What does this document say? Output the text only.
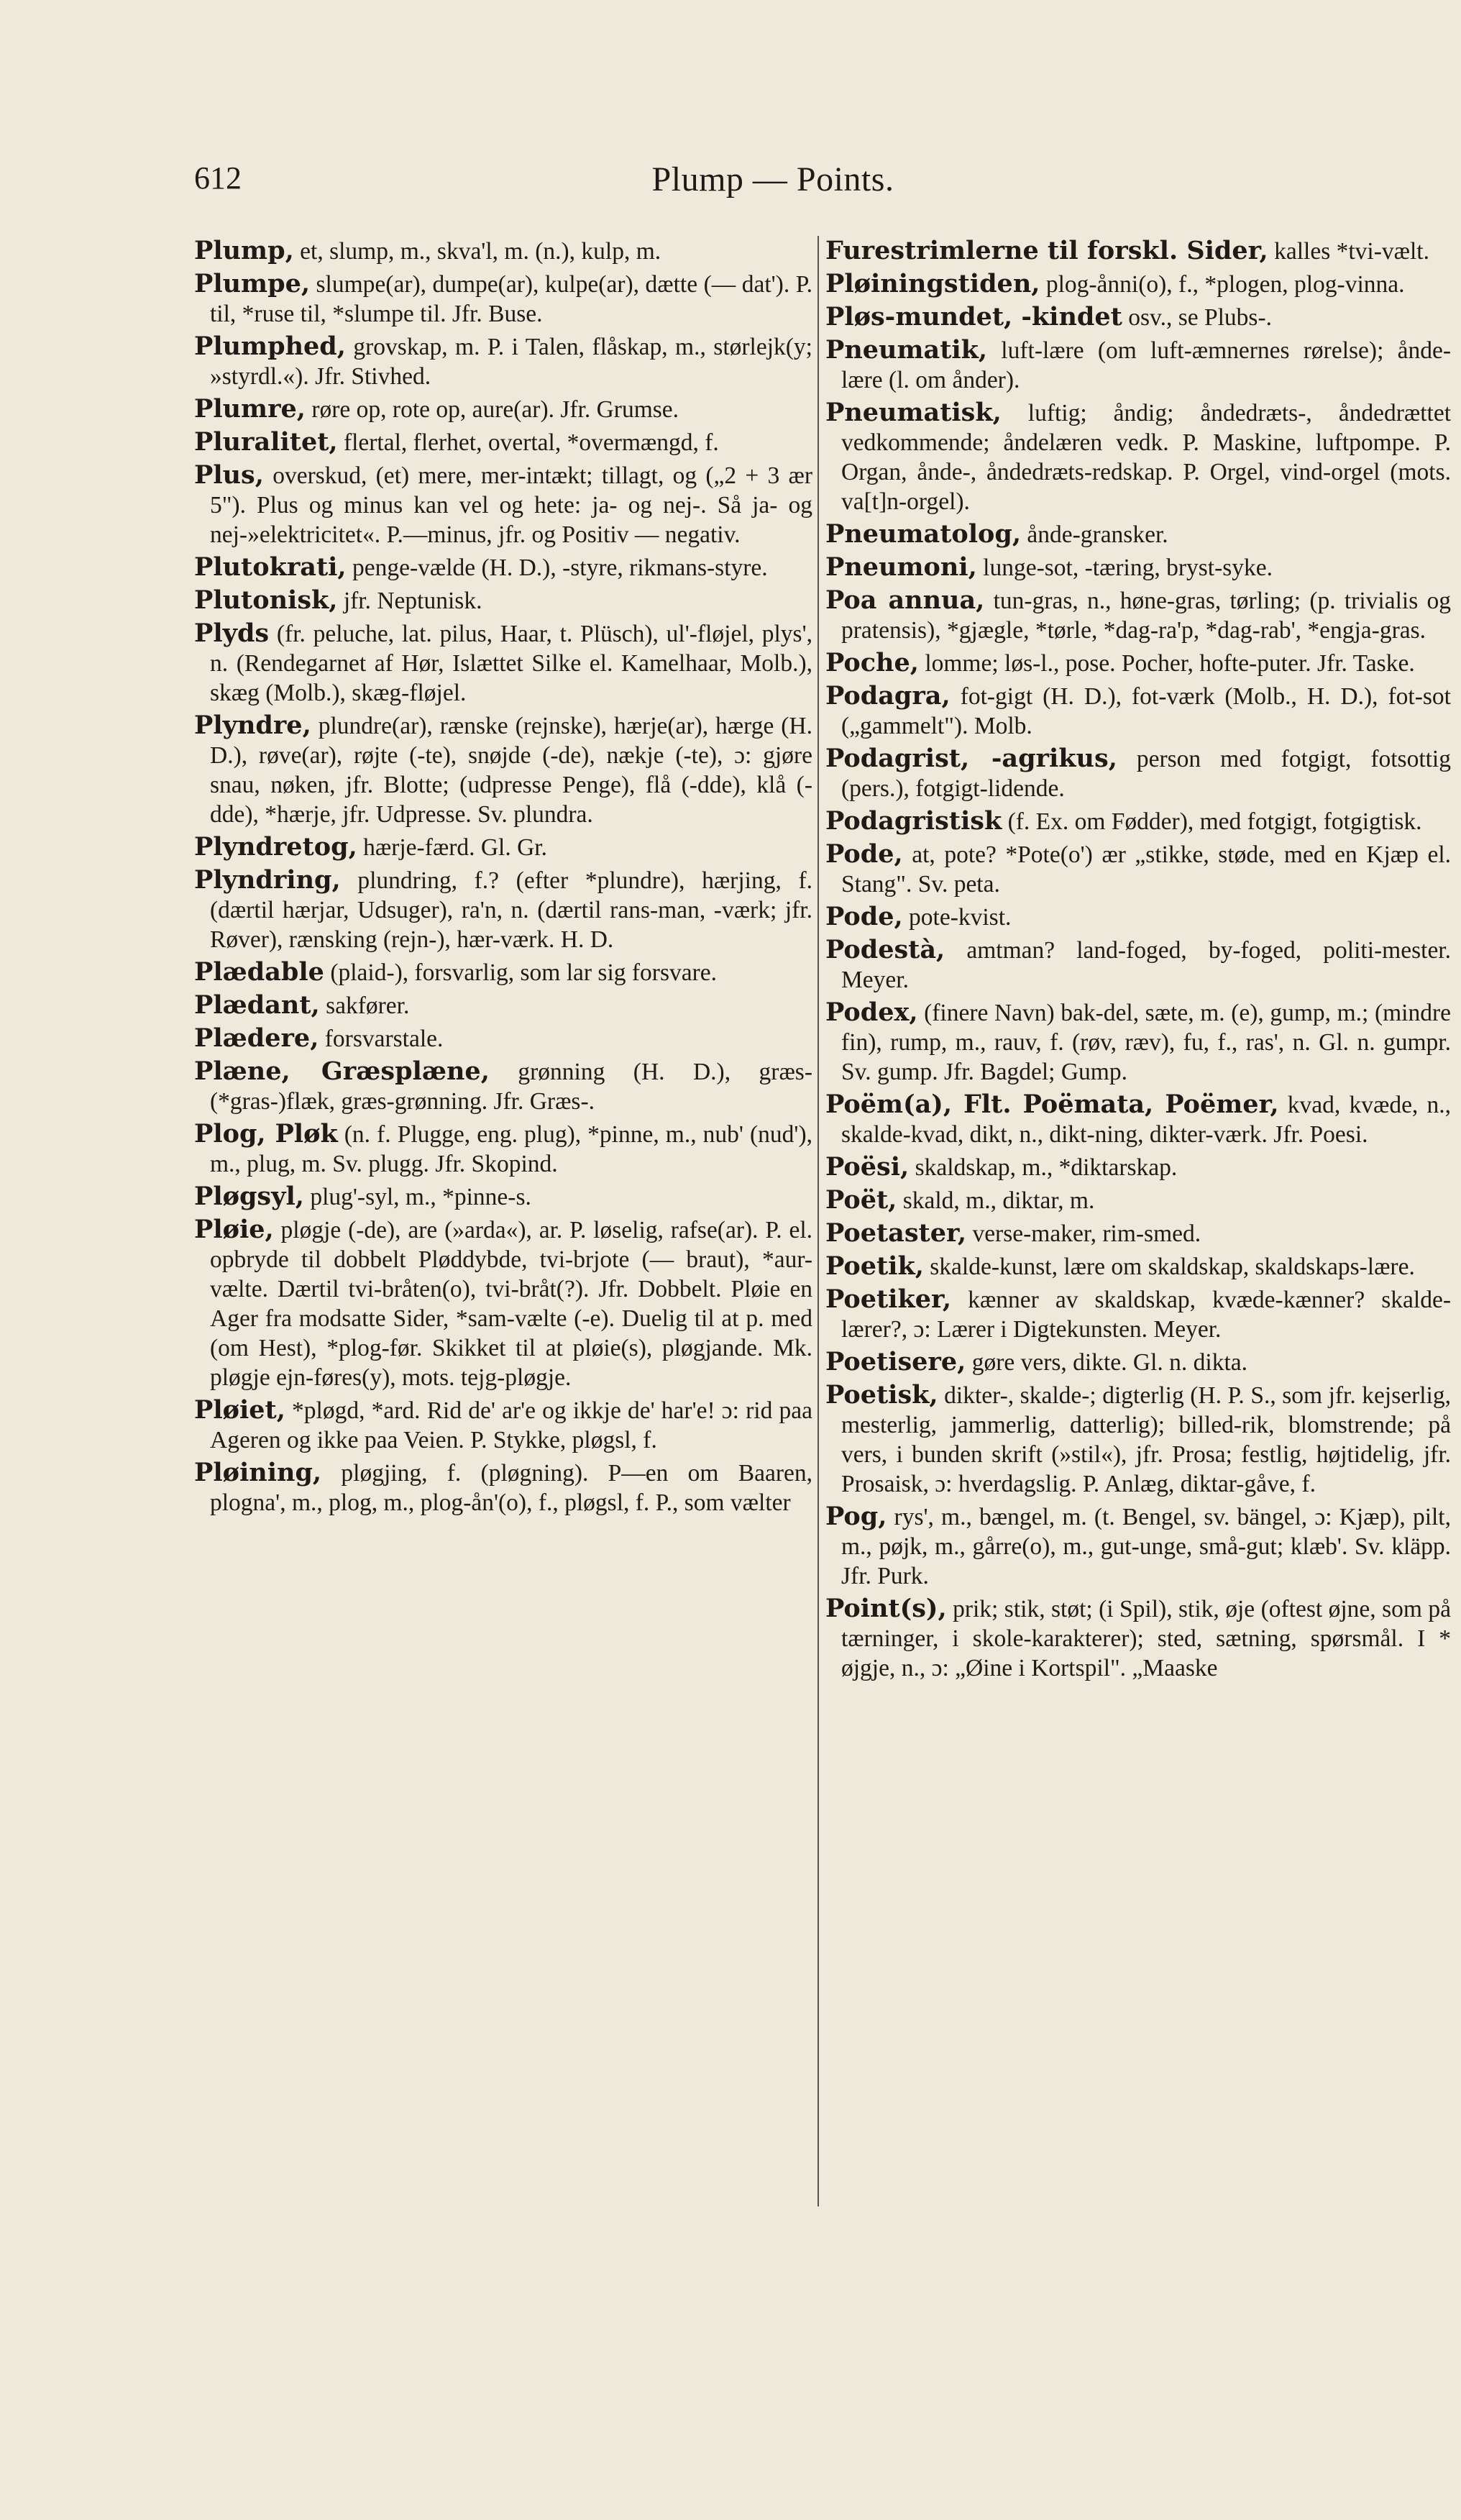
612	Plump — Points.

Plump, et, slump, m., skva'l, m. (n.), kulp, m.

Plumpe, slumpe(ar), dumpe(ar), kulpe(ar), dætte (— dat'). P. til, *ruse til, *slumpe til. Jfr. Buse.

Plumphed, grovskap, m. P. i Talen, flåskap, m., størlejk(y; »styrdl.«). Jfr. Stivhed.

Plumre, røre op, rote op, aure(ar). Jfr. Grumse.

Pluralitet, flertal, flerhet, overtal, *overmængd, f.

Plus, overskud, (et) mere, mer-intækt; tillagt, og („2 + 3 ær 5"). Plus og minus kan vel og hete: ja- og nej-. Så ja- og nej-»elektricitet«. P.—minus, jfr. og Positiv — negativ.

Plutokrati, penge-vælde (H. D.), -styre, rikmans-styre.

Plutonisk, jfr. Neptunisk.

Plyds (fr. peluche, lat. pilus, Haar, t. Plüsch), ul'-fløjel, plys', n. (Rendegarnet af Hør, Islættet Silke el. Kamelhaar, Molb.), skæg (Molb.), skæg-fløjel.

Plyndre, plundre(ar), rænske (rejnske), hærje(ar), hærge (H. D.), røve(ar), røjte (-te), snøjde (-de), nækje (-te), ɔ: gjøre snau, nøken, jfr. Blotte; (udpresse Penge), flå (-dde), klå (-dde), *hærje, jfr. Udpresse. Sv. plundra.

Plyndretog, hærje-færd. Gl. Gr.

Plyndring, plundring, f.? (efter *plundre), hærjing, f. (dærtil hærjar, Udsuger), ra'n, n. (dærtil rans-man, -værk; jfr. Røver), rænsking (rejn-), hær-værk. H. D.

Plædable (plaid-), forsvarlig, som lar sig forsvare.

Plædant, sakfører.

Plædere, forsvarstale.

Plæne, Græsplæne, grønning (H. D.), græs- (*gras-)flæk, græs-grønning. Jfr. Græs-.

Plog, Pløk (n. f. Plugge, eng. plug), *pinne, m., nub' (nud'), m., plug, m. Sv. plugg. Jfr. Skopind.

Pløgsyl, plug'-syl, m., *pinne-s.

Pløie, pløgje (-de), are (»arda«), ar. P. løselig, rafse(ar). P. el. opbryde til dobbelt Pløddybde, tvi-brjote (— braut), *aur-vælte. Dærtil tvi-bråten(o), tvi-bråt(?). Jfr. Dobbelt. Pløie en Ager fra modsatte Sider, *sam-vælte (-e). Duelig til at p. med (om Hest), *plog-før. Skikket til at pløie(s), pløgjande. Mk. pløgje ejn-føres(y), mots. tejg-pløgje.

Pløiet, *pløgd, *ard. Rid de' ar'e og ikkje de' har'e! ɔ: rid paa Ageren og ikke paa Veien. P. Stykke, pløgsl, f.

Pløining, pløgjing, f. (pløgning). P—en om Baaren, plogna', m., plog, m., plog-ån'(o), f., pløgsl, f. P., som vælter

Furestrimlerne til forskl. Sider, kalles *tvi-vælt.

Pløiningstiden, plog-ånni(o), f., *plogen, plog-vinna.

Pløs-mundet, -kindet osv., se Plubs-.

Pneumatik, luft-lære (om luft-æmnernes rørelse); ånde-lære (l. om ånder).

Pneumatisk, luftig; åndig; åndedræts-, åndedrættet vedkommende; åndelæren vedk. P. Maskine, luftpompe. P. Organ, ånde-, åndedræts-redskap. P. Orgel, vind-orgel (mots. va[t]n-orgel).

Pneumatolog, ånde-gransker.

Pneumoni, lunge-sot, -tæring, bryst-syke.

Poa annua, tun-gras, n., høne-gras, tørling; (p. trivialis og pratensis), *gjægle, *tørle, *dag-ra'p, *dag-rab', *engja-gras.

Poche, lomme; løs-l., pose. Pocher, hofte-puter. Jfr. Taske.

Podagra, fot-gigt (H. D.), fot-værk (Molb., H. D.), fot-sot („gammelt"). Molb.

Podagrist, -agrikus, person med fotgigt, fotsottig (pers.), fotgigt-lidende.

Podagristisk (f. Ex. om Fødder), med fotgigt, fotgigtisk.

Pode, at, pote? *Pote(o') ær „stikke, støde, med en Kjæp el. Stang". Sv. peta.

Pode, pote-kvist.

Podestà, amtman? land-foged, by-foged, politi-mester. Meyer.

Podex, (finere Navn) bak-del, sæte, m. (e), gump, m.; (mindre fin), rump, m., rauv, f. (røv, ræv), fu, f., ras', n. Gl. n. gumpr. Sv. gump. Jfr. Bagdel; Gump.

Poëm(a), Flt. Poëmata, Poëmer, kvad, kvæde, n., skalde-kvad, dikt, n., dikt-ning, dikter-værk. Jfr. Poesi.

Poësi, skaldskap, m., *diktarskap.

Poët, skald, m., diktar, m.

Poetaster, verse-maker, rim-smed.

Poetik, skalde-kunst, lære om skaldskap, skaldskaps-lære.

Poetiker, kænner av skaldskap, kvæde-kænner? skalde-lærer?, ɔ: Lærer i Digtekunsten. Meyer.

Poetisere, gøre vers, dikte. Gl. n. dikta.

Poetisk, dikter-, skalde-; digterlig (H. P. S., som jfr. kejserlig, mesterlig, jammerlig, datterlig); billed-rik, blomstrende; på vers, i bunden skrift (»stil«), jfr. Prosa; festlig, højtidelig, jfr. Prosaisk, ɔ: hverdagslig. P. Anlæg, diktar-gåve, f.

Pog, rys', m., bængel, m. (t. Bengel, sv. bängel, ɔ: Kjæp), pilt, m., pøjk, m., gårre(o), m., gut-unge, små-gut; klæb'. Sv. kläpp. Jfr. Purk.

Point(s), prik; stik, støt; (i Spil), stik, øje (oftest øjne, som på tærninger, i skole-karakterer); sted, sætning, spørsmål. I * øjgje, n., ɔ: „Øine i Kortspil". „Maaske
